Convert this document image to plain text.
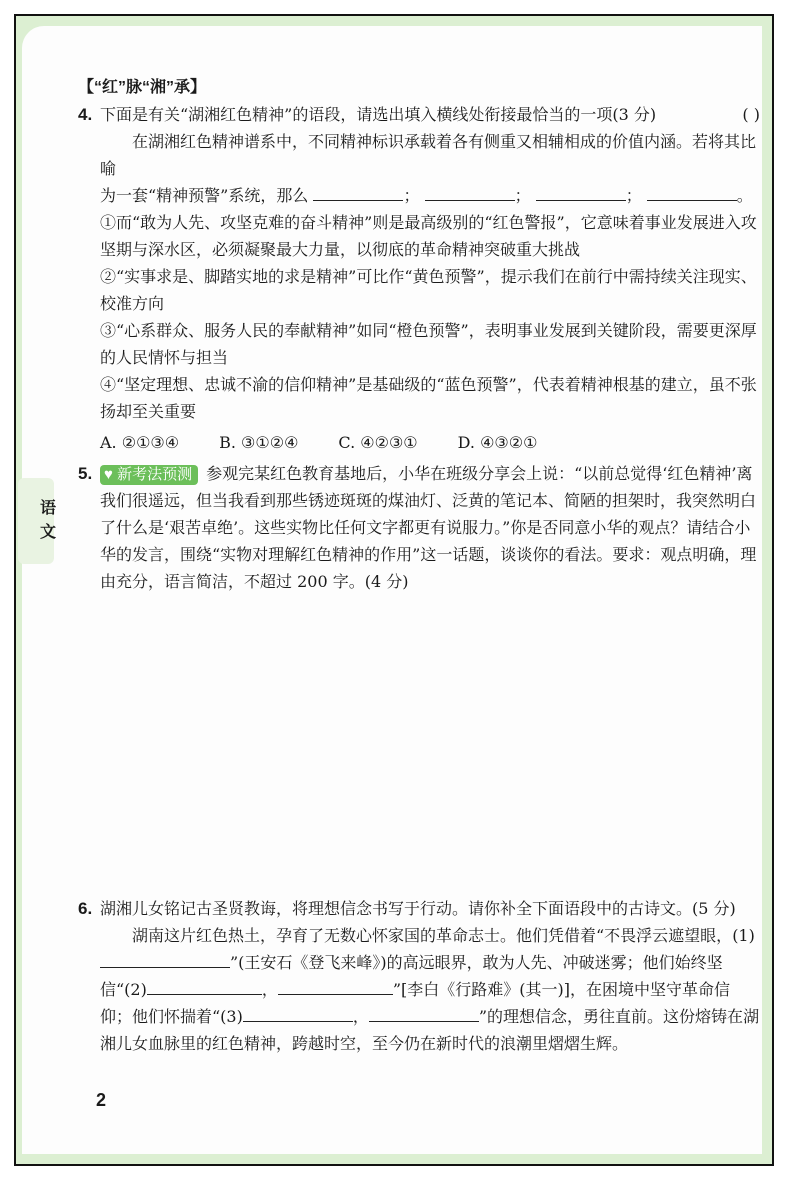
语
文
【“红”脉“湘”承】
4.	( )
下面是有关“湖湘红色精神”的语段，请选出填入横线处衔接最恰当的一项(3 分)
在湖湘红色精神谱系中，不同精神标识承载着各有侧重又相辅相成的价值内涵。若将其比喻
为一套“精神预警”系统，那么	；	；	；	。
①而“敢为人先、攻坚克难的奋斗精神”则是最高级别的“红色警报”，它意味着事业发展进入攻坚期与深水区，必须凝聚最大力量，以彻底的革命精神突破重大挑战
②“实事求是、脚踏实地的求是精神”可比作“黄色预警”，提示我们在前行中需持续关注现实、校准方向
③“心系群众、服务人民的奉献精神”如同“橙色预警”，表明事业发展到关键阶段，需要更深厚的人民情怀与担当
④“坚定理想、忠诚不渝的信仰精神”是基础级的“蓝色预警”，代表着精神根基的建立，虽不张扬却至关重要
A. ②①③④	B. ③①②④	C. ④②③①	D. ④③②①
5. ♥ 新考法预测 参观完某红色教育基地后，小华在班级分享会上说：“以前总觉得‘红色精神’离我们很遥远，但当我看到那些锈迹斑斑的煤油灯、泛黄的笔记本、简陋的担架时，我突然明白了什么是‘艰苦卓绝’。这些实物比任何文字都更有说服力。”你是否同意小华的观点？请结合小华的发言，围绕“实物对理解红色精神的作用”这一话题，谈谈你的看法。要求：观点明确，理由充分，语言简洁，不超过 200 字。(4 分)
6. 湖湘儿女铭记古圣贤教诲，将理想信念书写于行动。请你补全下面语段中的古诗文。(5 分)
湖南这片红色热土，孕育了无数心怀家国的革命志士。他们凭借着“不畏浮云遮望眼，(1)”(王安石《登飞来峰》)的高远眼界，敢为人先、冲破迷雾；他们始终坚信“(2)	，	”[李白《行路难》(其一)]，在困境中坚守革命信仰；他们怀揣着“(3)	，	”的理想信念，勇往直前。这份熔铸在湖湘儿女血脉里的红色精神，跨越时空，至今仍在新时代的浪潮里熠熠生辉。
2
